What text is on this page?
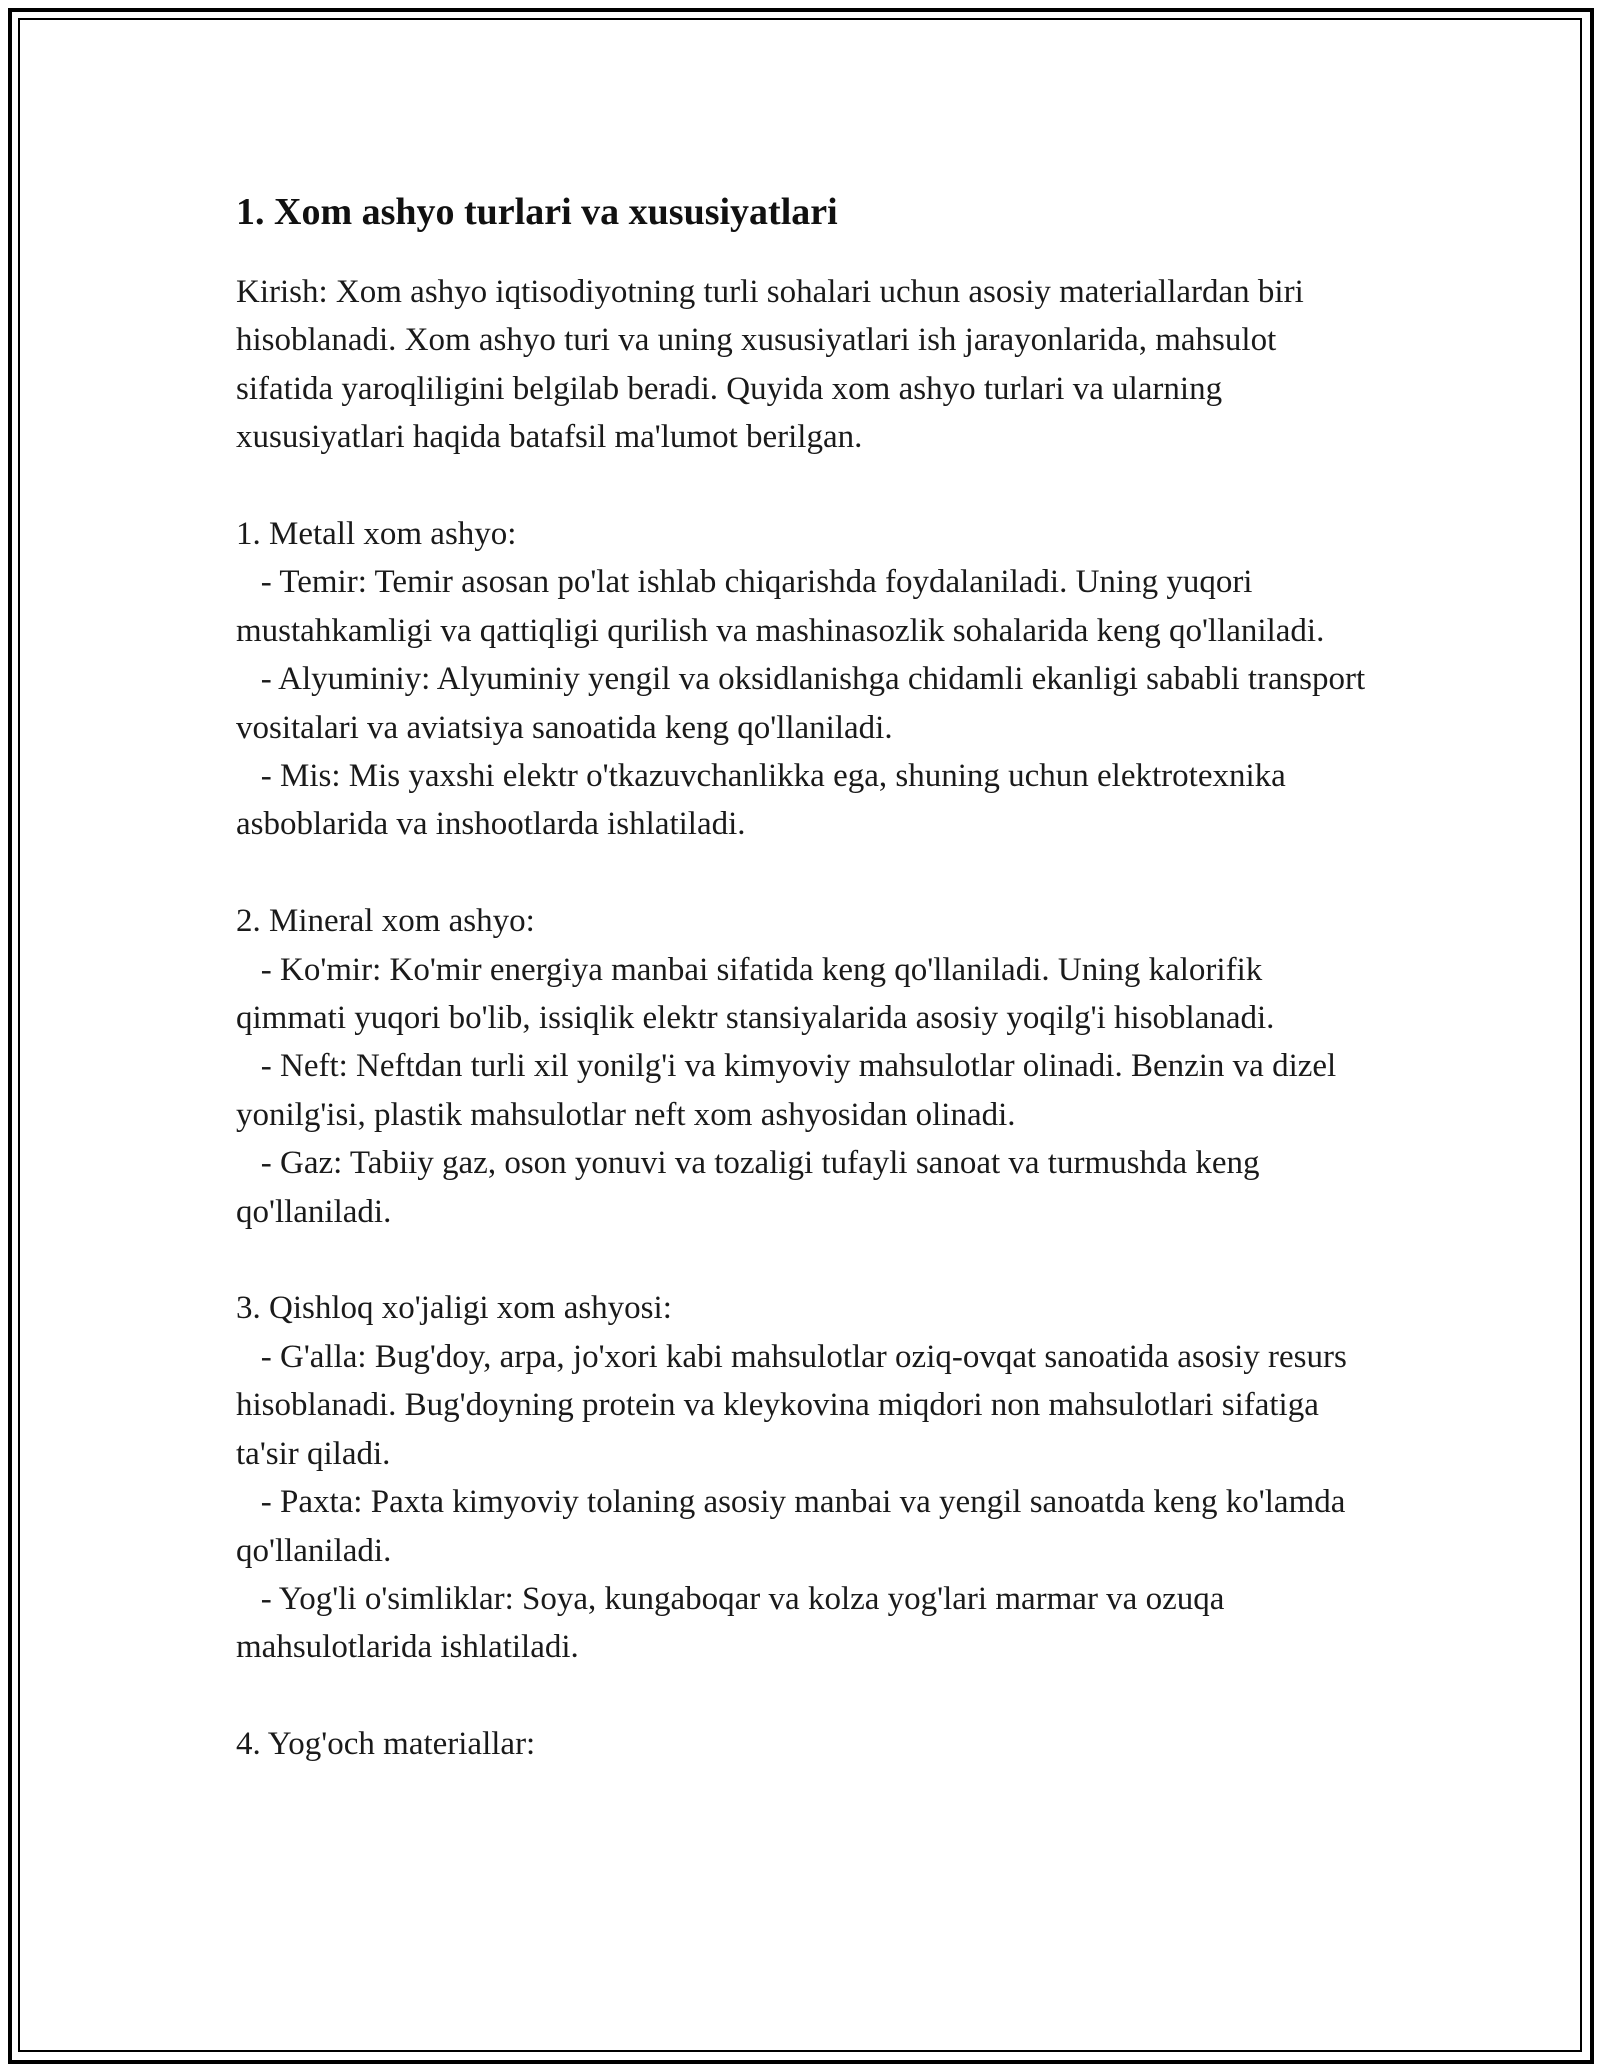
1. Xom ashyo turlari va xususiyatlari

Kirish: Xom ashyo iqtisodiyotning turli sohalari uchun asosiy materiallardan biri hisoblanadi. Xom ashyo turi va uning xususiyatlari ish jarayonlarida, mahsulot sifatida yaroqliligini belgilab beradi. Quyida xom ashyo turlari va ularning xususiyatlari haqida batafsil ma'lumot berilgan.

1. Metall xom ashyo:

- Temir: Temir asosan po'lat ishlab chiqarishda foydalaniladi. Uning yuqori mustahkamligi va qattiqligi qurilish va mashinasozlik sohalarida keng qo'llaniladi.

- Alyuminiy: Alyuminiy yengil va oksidlanishga chidamli ekanligi sababli transport vositalari va aviatsiya sanoatida keng qo'llaniladi.

- Mis: Mis yaxshi elektr o'tkazuvchanlikka ega, shuning uchun elektrotexnika asboblarida va inshootlarda ishlatiladi.

2. Mineral xom ashyo:

- Ko'mir: Ko'mir energiya manbai sifatida keng qo'llaniladi. Uning kalorifik qimmati yuqori bo'lib, issiqlik elektr stansiyalarida asosiy yoqilg'i hisoblanadi.

- Neft: Neftdan turli xil yonilg'i va kimyoviy mahsulotlar olinadi. Benzin va dizel yonilg'isi, plastik mahsulotlar neft xom ashyosidan olinadi.

- Gaz: Tabiiy gaz, oson yonuvi va tozaligi tufayli sanoat va turmushda keng qo'llaniladi.

3. Qishloq xo'jaligi xom ashyosi:

- G'alla: Bug'doy, arpa, jo'xori kabi mahsulotlar oziq-ovqat sanoatida asosiy resurs hisoblanadi. Bug'doyning protein va kleykovina miqdori non mahsulotlari sifatiga ta'sir qiladi.

- Paxta: Paxta kimyoviy tolaning asosiy manbai va yengil sanoatda keng ko'lamda qo'llaniladi.

- Yog'li o'simliklar: Soya, kungaboqar va kolza yog'lari marmar va ozuqa mahsulotlarida ishlatiladi.

4. Yog'och materiallar:
